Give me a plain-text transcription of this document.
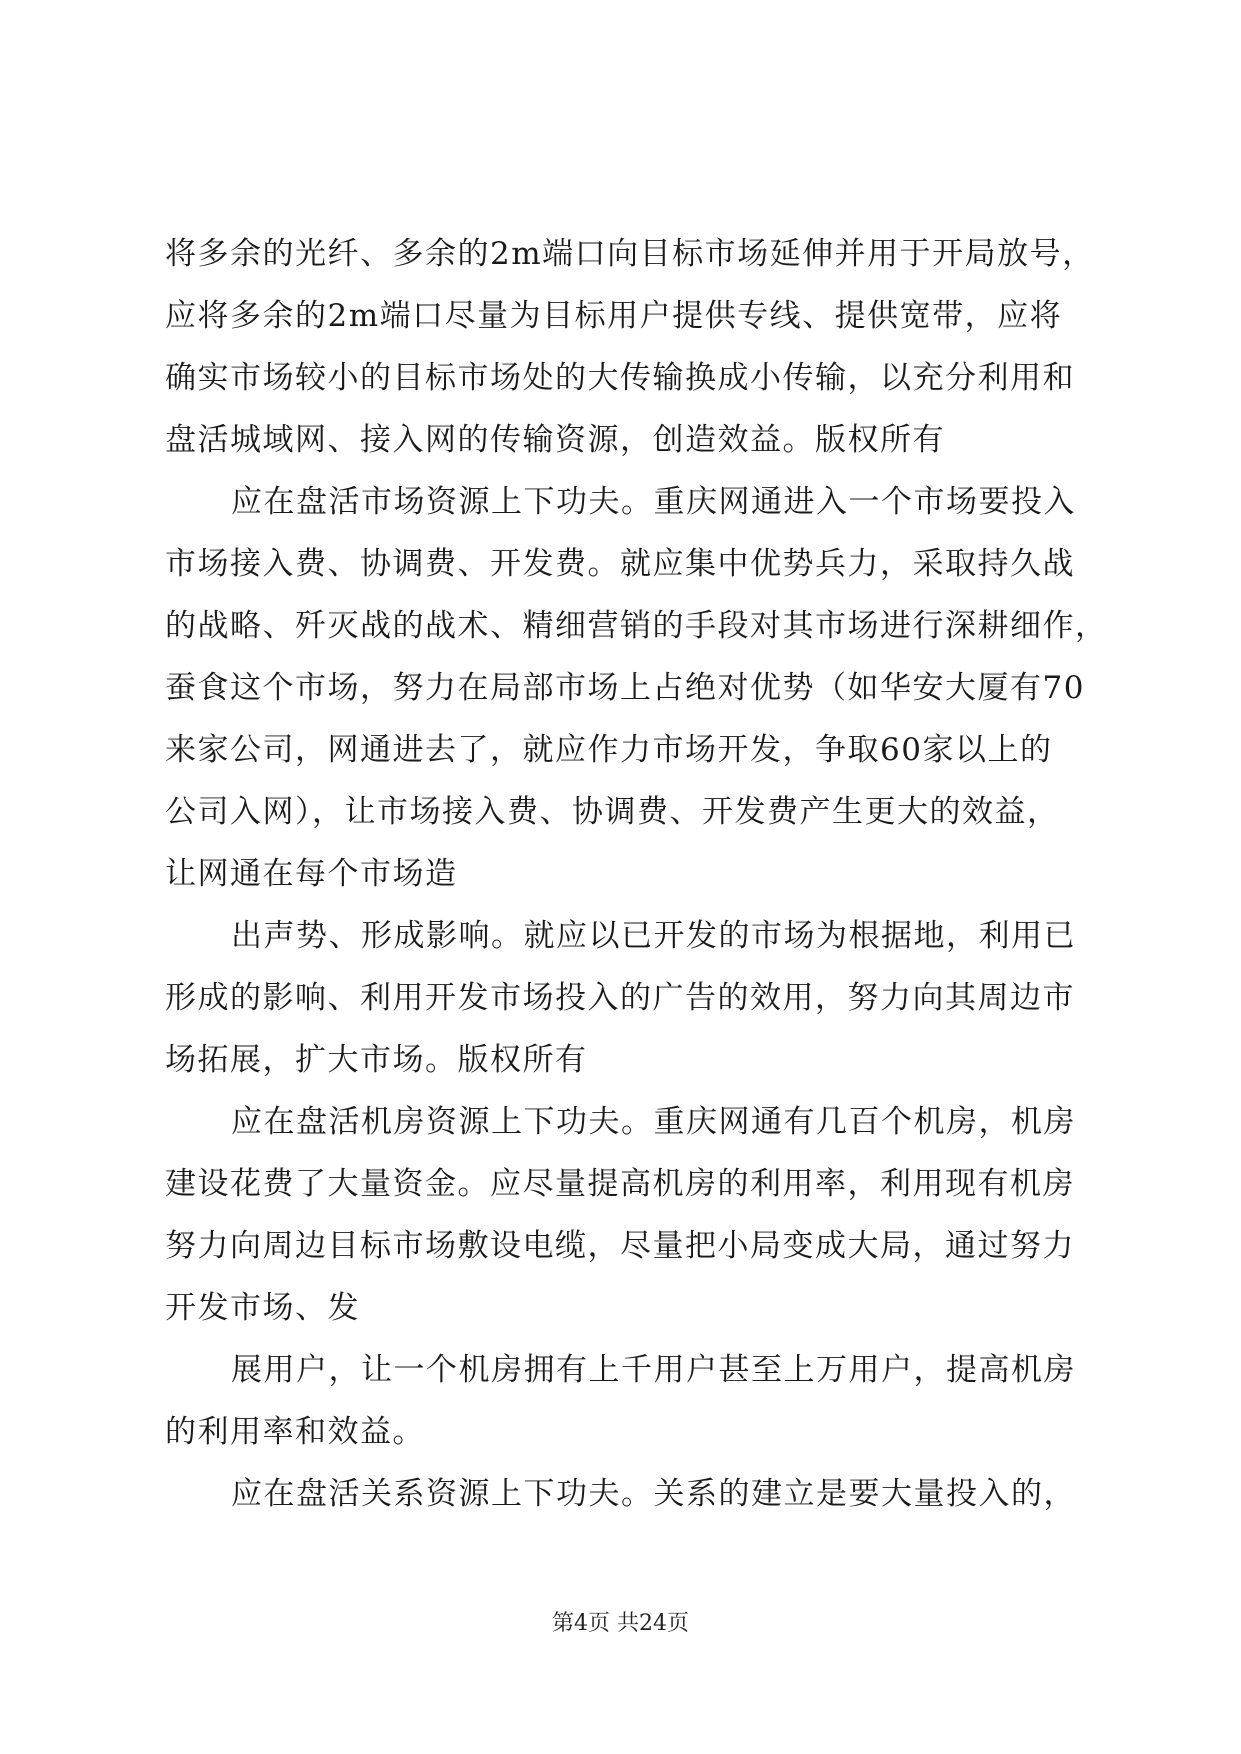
将多余的光纤、多余的2m端口向目标市场延伸并用于开局放号，
应将多余的2m端口尽量为目标用户提供专线、提供宽带，应将
确实市场较小的目标市场处的大传输换成小传输，以充分利用和
盘活城域网、接入网的传输资源，创造效益。版权所有
应在盘活市场资源上下功夫。重庆网通进入一个市场要投入
市场接入费、协调费、开发费。就应集中优势兵力，采取持久战
的战略、歼灭战的战术、精细营销的手段对其市场进行深耕细作，
蚕食这个市场，努力在局部市场上占绝对优势（如华安大厦有70
来家公司，网通进去了，就应作力市场开发，争取60家以上的
公司入网），让市场接入费、协调费、开发费产生更大的效益，
让网通在每个市场造
出声势、形成影响。就应以已开发的市场为根据地，利用已
形成的影响、利用开发市场投入的广告的效用，努力向其周边市
场拓展，扩大市场。版权所有
应在盘活机房资源上下功夫。重庆网通有几百个机房，机房
建设花费了大量资金。应尽量提高机房的利用率，利用现有机房
努力向周边目标市场敷设电缆，尽量把小局变成大局，通过努力
开发市场、发
展用户，让一个机房拥有上千用户甚至上万用户，提高机房
的利用率和效益。
应在盘活关系资源上下功夫。关系的建立是要大量投入的，
第4页 共24页
